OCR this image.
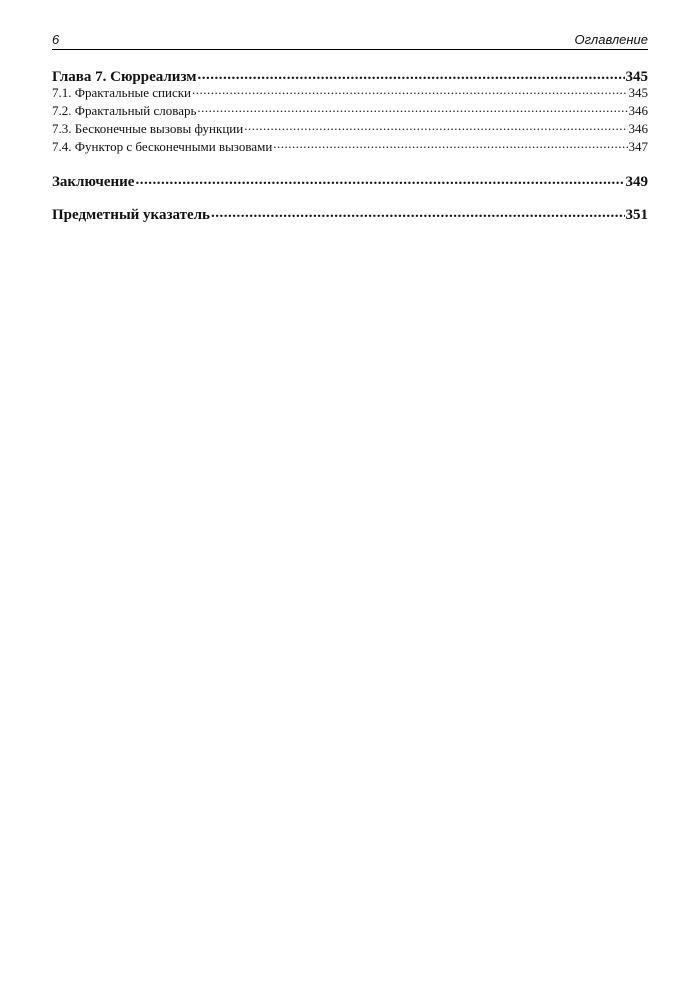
6	Оглавление
Глава 7. Сюрреализм .....	345
7.1. Фрактальные списки .....	345
7.2. Фрактальный словарь .....	346
7.3. Бесконечные вызовы функции .....	346
7.4. Функтор с бесконечными вызовами .....	347
Заключение .....	349
Предметный указатель .....	351
